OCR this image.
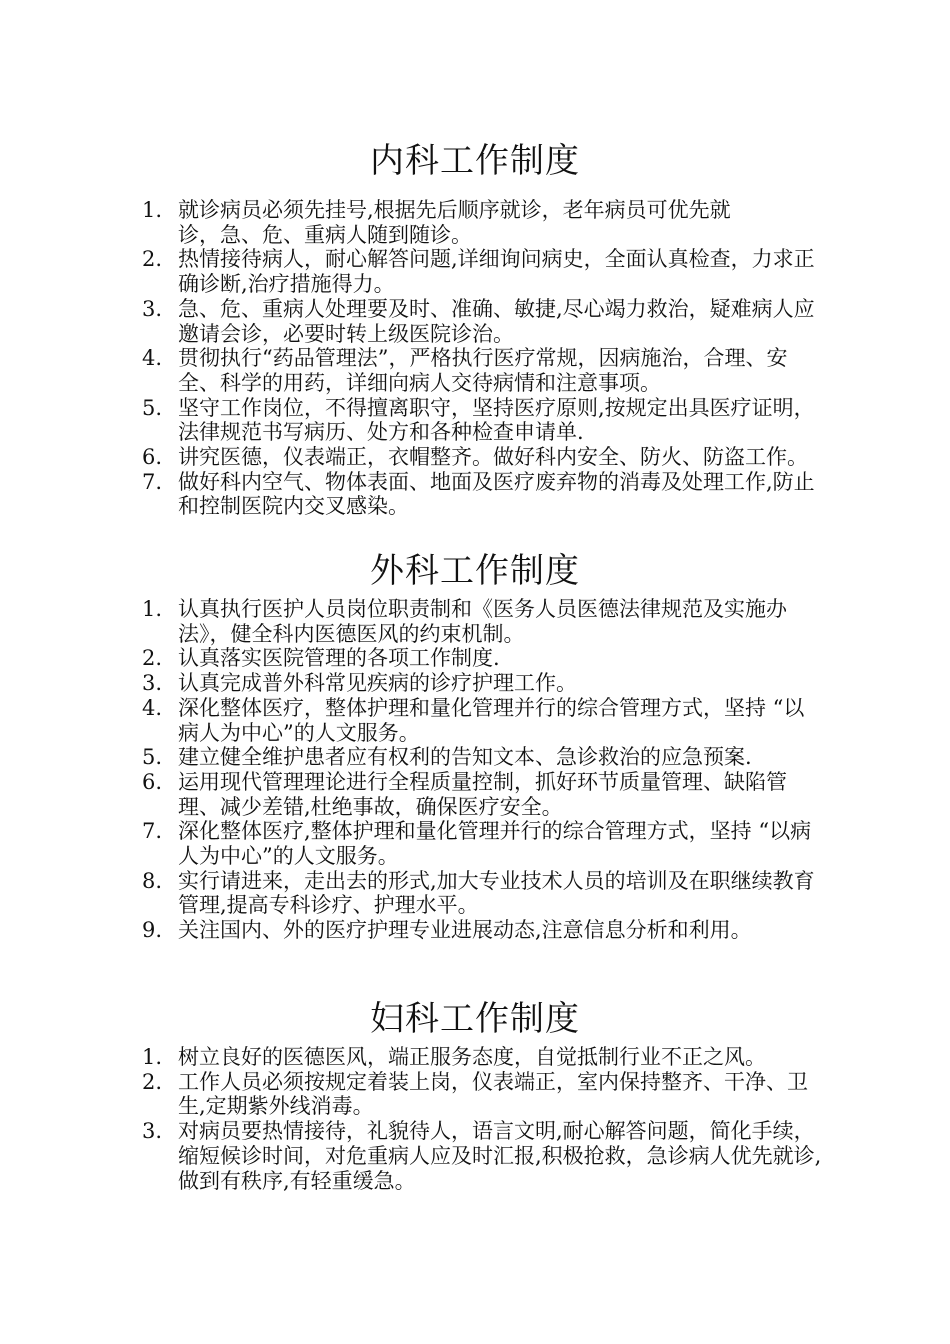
内科工作制度
1. 就诊病员必须先挂号,根据先后顺序就诊，老年病员可优先就　　　诊，急、危、重病人随到随诊。
2. 热情接待病人，耐心解答问题,详细询问病史，全面认真检查，力求正确诊断,治疗措施得力。
3. 急、危、重病人处理要及时、准确、敏捷,尽心竭力救治，疑难病人应邀请会诊，必要时转上级医院诊治。
4. 贯彻执行“药品管理法”，严格执行医疗常规，因病施治，合理、安全、科学的用药，详细向病人交待病情和注意事项。
5. 坚守工作岗位，不得擅离职守，坚持医疗原则,按规定出具医疗证明，法律规范书写病历、处方和各种检查申请单.
6. 讲究医德，仪表端正，衣帽整齐。做好科内安全、防火、防盗工作。
7. 做好科内空气、物体表面、地面及医疗废弃物的消毒及处理工作,防止和控制医院内交叉感染。
外科工作制度
1. 认真执行医护人员岗位职责制和《医务人员医德法律规范及实施办法》，健全科内医德医风的约束机制。
2. 认真落实医院管理的各项工作制度.
3. 认真完成普外科常见疾病的诊疗护理工作。
4. 深化整体医疗，整体护理和量化管理并行的综合管理方式，坚持 “以病人为中心”的人文服务。
5. 建立健全维护患者应有权利的告知文本、急诊救治的应急预案.
6. 运用现代管理理论进行全程质量控制，抓好环节质量管理、缺陷管理、减少差错,杜绝事故，确保医疗安全。
7. 深化整体医疗,整体护理和量化管理并行的综合管理方式，坚持 “以病人为中心”的人文服务。
8. 实行请进来，走出去的形式,加大专业技术人员的培训及在职继续教育管理,提高专科诊疗、护理水平。
9. 关注国内、外的医疗护理专业进展动态,注意信息分析和利用。
妇科工作制度
1. 树立良好的医德医风，端正服务态度，自觉抵制行业不正之风。
2. 工作人员必须按规定着装上岗，仪表端正，室内保持整齐、干净、卫生,定期紫外线消毒。
3. 对病员要热情接待，礼貌待人，语言文明,耐心解答问题，简化手续，缩短候诊时间，对危重病人应及时汇报,积极抢救，急诊病人优先就诊,做到有秩序,有轻重缓急。
